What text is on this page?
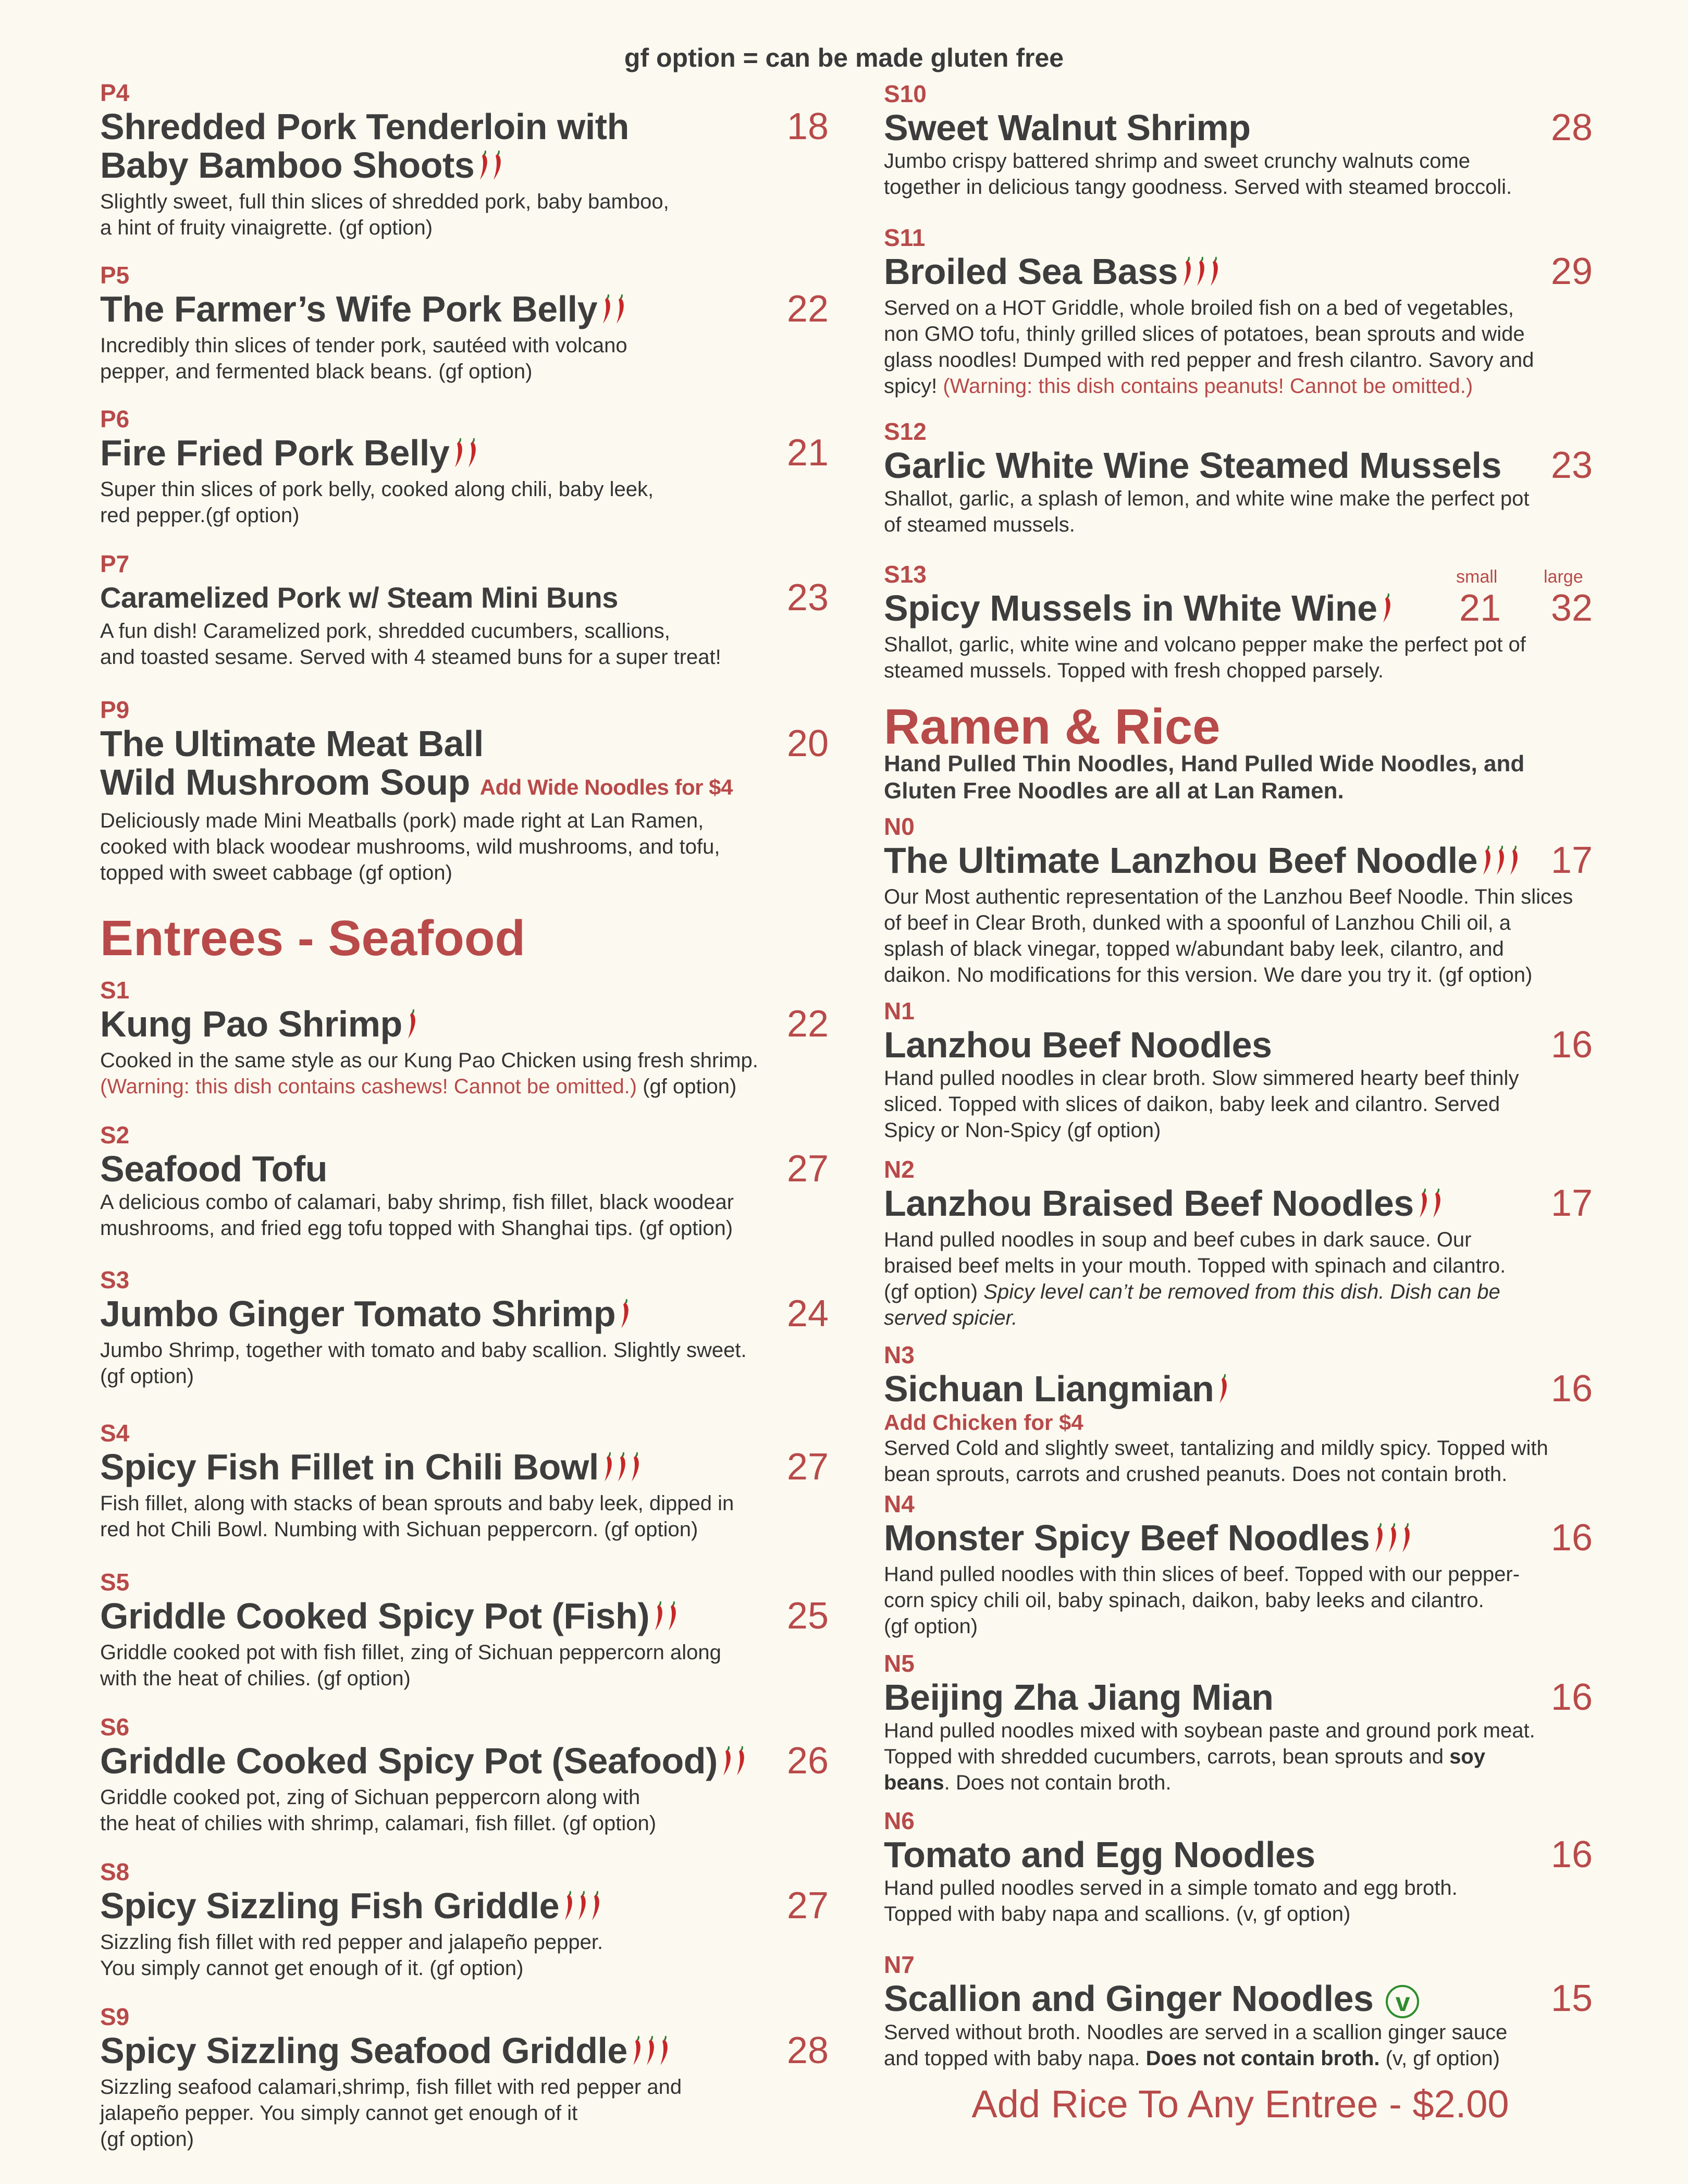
gf option = can be made gluten free
P4
Shredded Pork Tenderloin with
Baby Bamboo Shoots
18
Slightly sweet, full thin slices of shredded pork, baby bamboo,
a hint of fruity vinaigrette. (gf option)
P5
The Farmer’s Wife Pork Belly	22
Incredibly thin slices of tender pork, sautéed with volcano
pepper, and fermented black beans. (gf option)
P6
Fire Fried Pork Belly	21
Super thin slices of pork belly, cooked along chili, baby leek,
red pepper.(gf option)
P7
Caramelized Pork w/ Steam Mini Buns	23
A fun dish! Caramelized pork, shredded cucumbers, scallions,
and toasted sesame. Served with 4 steamed buns for a super treat!
P9
The Ultimate Meat Ball
Wild Mushroom Soup Add Wide Noodles for $4
20
Deliciously made Mini Meatballs (pork) made right at Lan Ramen,
cooked with black woodear mushrooms, wild mushrooms, and tofu,
topped with sweet cabbage (gf option)
Entrees - Seafood
S1
Kung Pao Shrimp	22
Cooked in the same style as our Kung Pao Chicken using fresh shrimp.
(Warning: this dish contains cashews! Cannot be omitted.) (gf option)
S2
Seafood Tofu	27
A delicious combo of calamari, baby shrimp, fish fillet, black woodear
mushrooms, and fried egg tofu topped with Shanghai tips. (gf option)
S3
Jumbo Ginger Tomato Shrimp	24
Jumbo Shrimp, together with tomato and baby scallion. Slightly sweet.
(gf option)
S4
Spicy Fish Fillet in Chili Bowl	27
Fish fillet, along with stacks of bean sprouts and baby leek, dipped in
red hot Chili Bowl. Numbing with Sichuan peppercorn. (gf option)
S5
Griddle Cooked Spicy Pot (Fish)	25
Griddle cooked pot with fish fillet, zing of Sichuan peppercorn along
with the heat of chilies. (gf option)
S6
Griddle Cooked Spicy Pot (Seafood)	26
Griddle cooked pot, zing of Sichuan peppercorn along with
the heat of chilies with shrimp, calamari, fish fillet. (gf option)
S8
Spicy Sizzling Fish Griddle	27
Sizzling fish fillet with red pepper and jalapeño pepper.
You simply cannot get enough of it. (gf option)
S9
Spicy Sizzling Seafood Griddle	28
Sizzling seafood calamari,shrimp, fish fillet with red pepper and
jalapeño pepper. You simply cannot get enough of it
(gf option)
S10
Sweet Walnut Shrimp	28
Jumbo crispy battered shrimp and sweet crunchy walnuts come
together in delicious tangy goodness. Served with steamed broccoli.
S11
Broiled Sea Bass	29
Served on a HOT Griddle, whole broiled fish on a bed of vegetables,
non GMO tofu, thinly grilled slices of potatoes, bean sprouts and wide
glass noodles! Dumped with red pepper and fresh cilantro. Savory and
spicy! (Warning: this dish contains peanuts! Cannot be omitted.)
S12
Garlic White Wine Steamed Mussels	23
Shallot, garlic, a splash of lemon, and white wine make the perfect pot
of steamed mussels.
S13	small	large
Spicy Mussels in White Wine	21 32
Shallot, garlic, white wine and volcano pepper make the perfect pot of
steamed mussels. Topped with fresh chopped parsely.
Ramen & Rice
Hand Pulled Thin Noodles, Hand Pulled Wide Noodles, and
Gluten Free Noodles are all at Lan Ramen.
N0
The Ultimate Lanzhou Beef Noodle	17
Our Most authentic representation of the Lanzhou Beef Noodle. Thin slices
of beef in Clear Broth, dunked with a spoonful of Lanzhou Chili oil, a
splash of black vinegar, topped w/abundant baby leek, cilantro, and
daikon. No modifications for this version. We dare you try it. (gf option)
N1
Lanzhou Beef Noodles	16
Hand pulled noodles in clear broth. Slow simmered hearty beef thinly
sliced. Topped with slices of daikon, baby leek and cilantro. Served
Spicy or Non-Spicy (gf option)
N2
Lanzhou Braised Beef Noodles	17
Hand pulled noodles in soup and beef cubes in dark sauce. Our
braised beef melts in your mouth. Topped with spinach and cilantro.
(gf option) Spicy level can’t be removed from this dish. Dish can be
served spicier.
N3
Sichuan Liangmian	16
Add Chicken for $4
Served Cold and slightly sweet, tantalizing and mildly spicy. Topped with
bean sprouts, carrots and crushed peanuts. Does not contain broth.
N4
Monster Spicy Beef Noodles	16
Hand pulled noodles with thin slices of beef. Topped with our pepper-
corn spicy chili oil, baby spinach, daikon, baby leeks and cilantro.
(gf option)
N5
Beijing Zha Jiang Mian	16
Hand pulled noodles mixed with soybean paste and ground pork meat.
Topped with shredded cucumbers, carrots, bean sprouts and soy
beans. Does not contain broth.
N6
Tomato and Egg Noodles	16
Hand pulled noodles served in a simple tomato and egg broth.
Topped with baby napa and scallions. (v, gf option)
N7
Scallion and Ginger Noodles v	15
Served without broth. Noodles are served in a scallion ginger sauce
and topped with baby napa. Does not contain broth. (v, gf option)
Add Rice To Any Entree - $2.00
